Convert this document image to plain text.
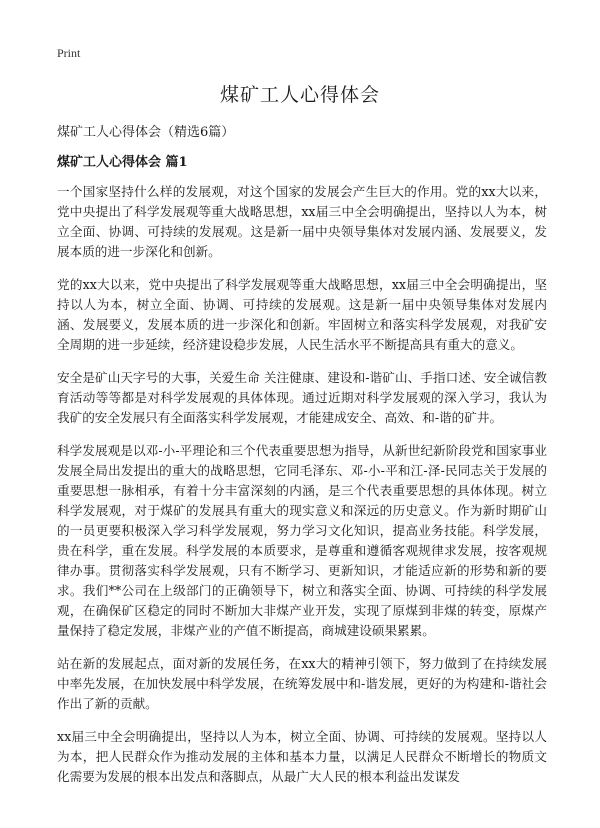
Print
煤矿工人心得体会

煤矿工人心得体会（精选6篇）

煤矿工人心得体会 篇1

一个国家坚持什么样的发展观，对这个国家的发展会产生巨大的作用。党的xx大以来，党中央提出了科学发展观等重大战略思想，xx届三中全会明确提出，坚持以人为本，树立全面、协调、可持续的发展观。这是新一届中央领导集体对发展内涵、发展要义，发展本质的进一步深化和创新。

党的xx大以来，党中央提出了科学发展观等重大战略思想，xx届三中全会明确提出，坚持以人为本，树立全面、协调、可持续的发展观。这是新一届中央领导集体对发展内涵、发展要义，发展本质的进一步深化和创新。牢固树立和落实科学发展观，对我矿安全周期的进一步延续，经济建设稳步发展，人民生活水平不断提高具有重大的意义。

安全是矿山天字号的大事，关爱生命 关注健康、建设和-谐矿山、手指口述、安全诚信教育活动等等都是对科学发展观的具体体现。通过近期对科学发展观的深入学习，我认为我矿的安全发展只有全面落实科学发展观，才能建成安全、高效、和-谐的矿井。

科学发展观是以邓-小-平理论和三个代表重要思想为指导，从新世纪新阶段党和国家事业发展全局出发提出的重大的战略思想，它同毛泽东、邓-小-平和江-泽-民同志关于发展的重要思想一脉相承，有着十分丰富深刻的内涵，是三个代表重要思想的具体体现。树立科学发展观，对于煤矿的发展具有重大的现实意义和深远的历史意义。作为新时期矿山的一员更要积极深入学习科学发展观，努力学习文化知识，提高业务技能。科学发展，贵在科学，重在发展。科学发展的本质要求，是尊重和遵循客观规律求发展，按客观规律办事。贯彻落实科学发展观，只有不断学习、更新知识，才能适应新的形势和新的要求。我们**公司在上级部门的正确领导下，树立和落实全面、协调、可持续的科学发展观，在确保矿区稳定的同时不断加大非煤产业开发，实现了原煤到非煤的转变，原煤产量保持了稳定发展，非煤产业的产值不断提高，商城建设硕果累累。

站在新的发展起点，面对新的发展任务，在xx大的精神引领下，努力做到了在持续发展中率先发展，在加快发展中科学发展，在统筹发展中和-谐发展，更好的为构建和-谐社会作出了新的贡献。

xx届三中全会明确提出，坚持以人为本，树立全面、协调、可持续的发展观。坚持以人为本，把人民群众作为推动发展的主体和基本力量，以满足人民群众不断增长的物质文化需要为发展的根本出发点和落脚点，从最广大人民的根本利益出发谋发
